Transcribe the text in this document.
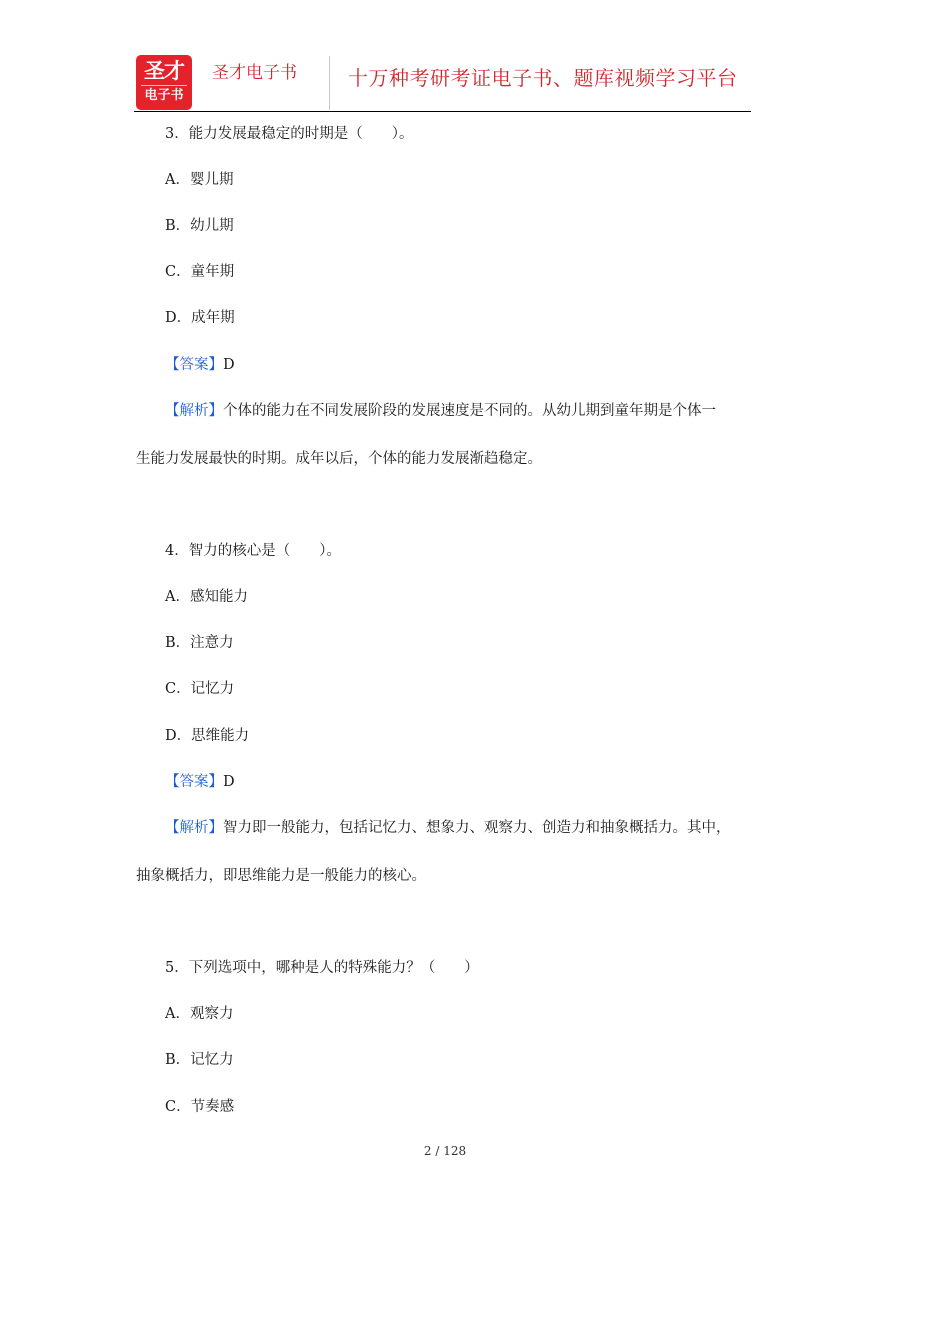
圣才
电子书
圣才电子书	十万种考研考证电子书、题库视频学习平台
3．能力发展最稳定的时期是（　　）。
A．婴儿期
B．幼儿期
C．童年期
D．成年期
【答案】D
【解析】个体的能力在不同发展阶段的发展速度是不同的。从幼儿期到童年期是个体一
生能力发展最快的时期。成年以后，个体的能力发展渐趋稳定。
4．智力的核心是（　　）。
A．感知能力
B．注意力
C．记忆力
D．思维能力
【答案】D
【解析】智力即一般能力，包括记忆力、想象力、观察力、创造力和抽象概括力。其中，
抽象概括力，即思维能力是一般能力的核心。
5．下列选项中，哪种是人的特殊能力？（　　）
A．观察力
B．记忆力
C．节奏感
2 / 128
